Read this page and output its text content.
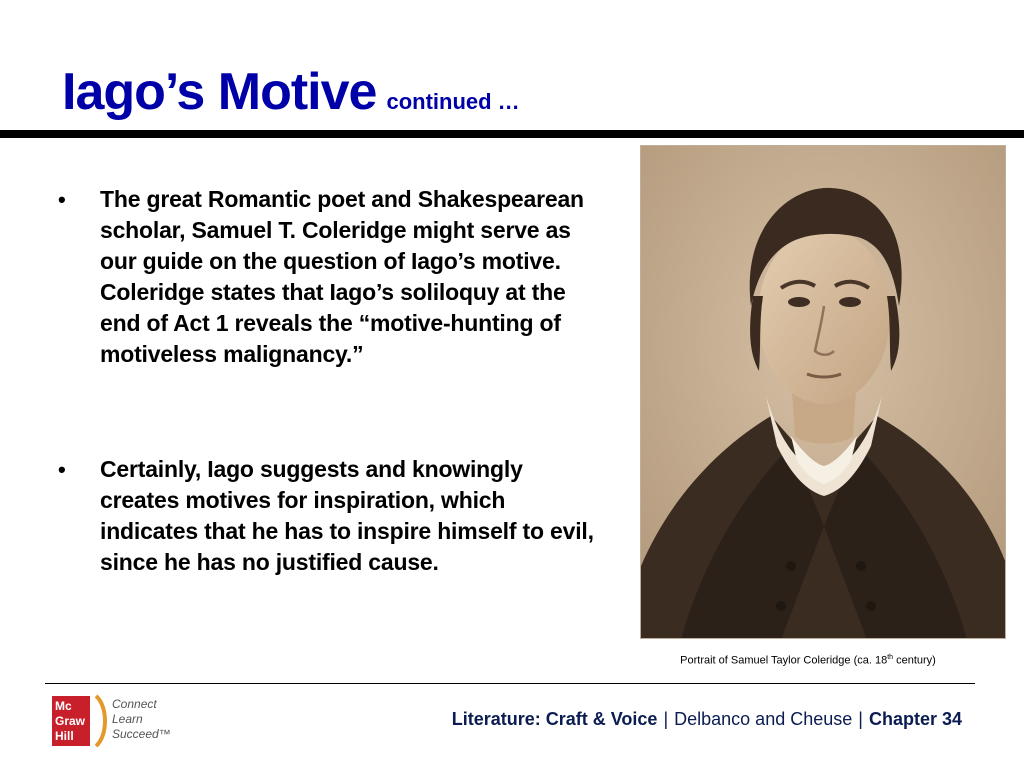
Iago’s Motive continued …
• The great Romantic poet and Shakespearean scholar, Samuel T. Coleridge might serve as our guide on the question of Iago’s motive. Coleridge states that Iago’s soliloquy at the end of Act 1 reveals the “motive-hunting of motiveless malignancy.”
• Certainly, Iago suggests and knowingly creates motives for inspiration, which indicates that he has to inspire himself to evil, since he has no justified cause.
Portrait of Samuel Taylor Coleridge (ca. 18th century)
Mc
Graw
Hill
Connect
Learn
Succeed™
Literature: Craft & Voice | Delbanco and Cheuse | Chapter 34
